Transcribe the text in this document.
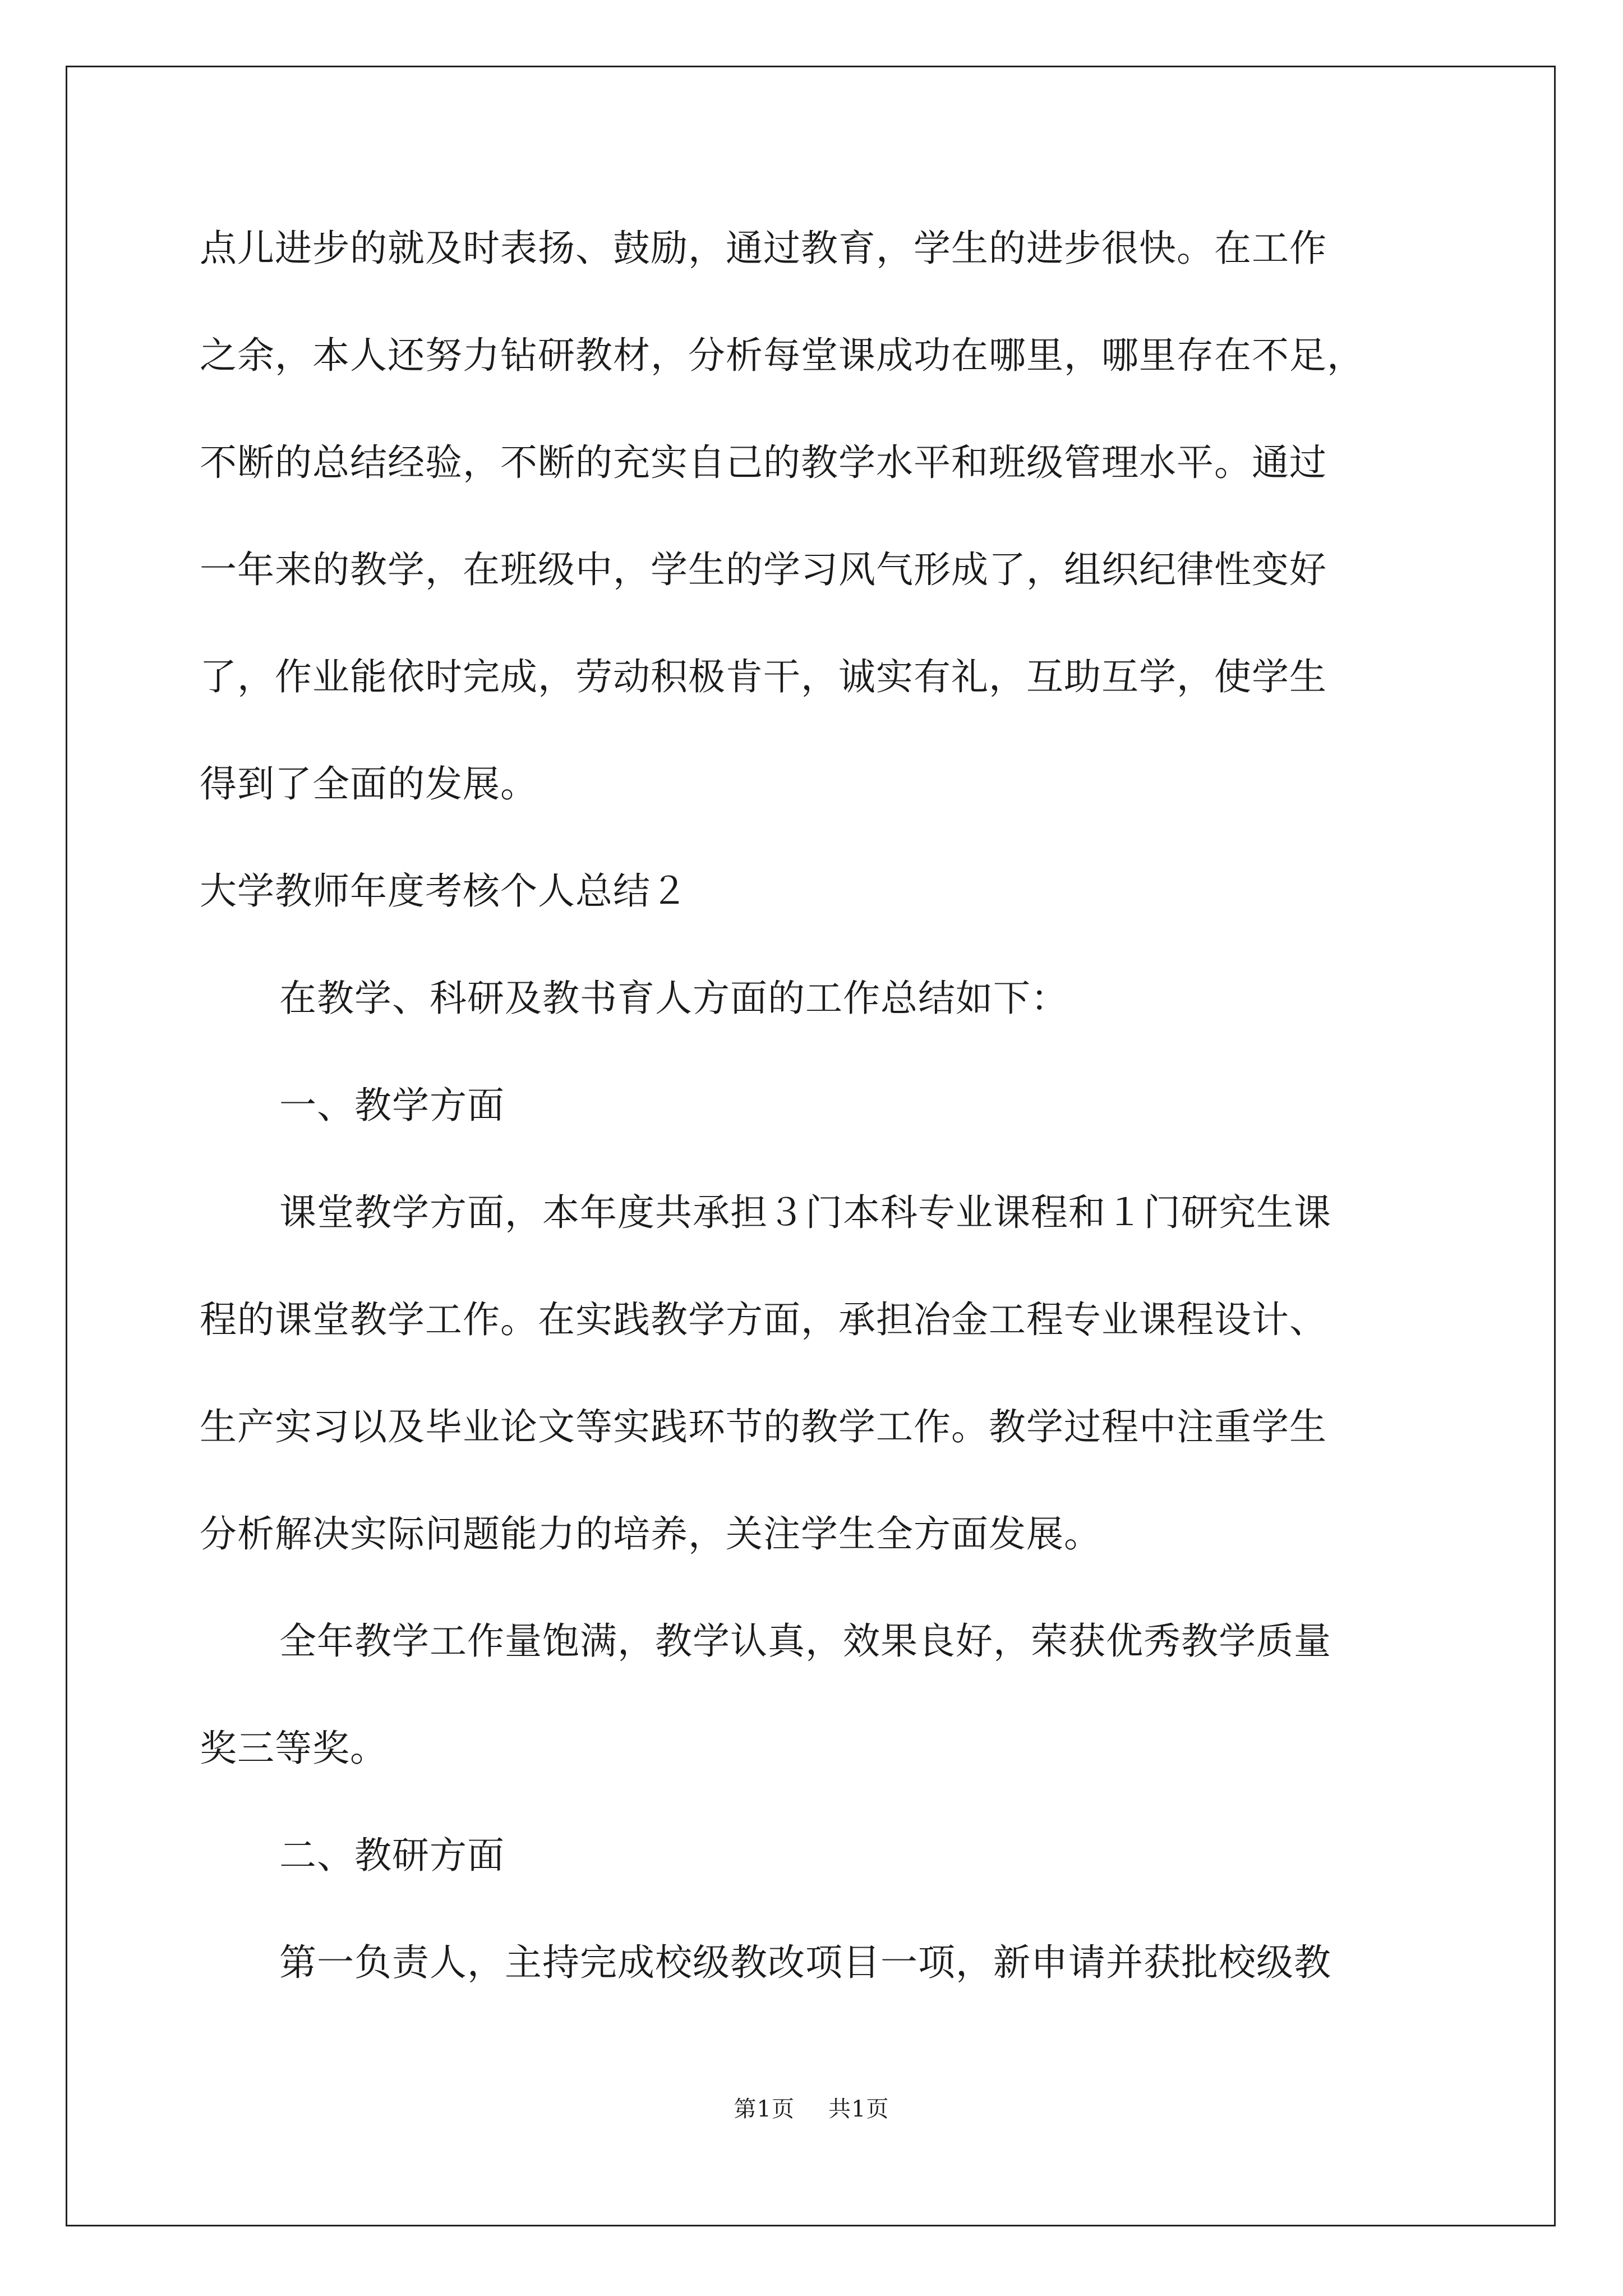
点儿进步的就及时表扬、鼓励，通过教育，学生的进步很快。在工作
之余，本人还努力钻研教材，分析每堂课成功在哪里，哪里存在不足，
不断的总结经验，不断的充实自己的教学水平和班级管理水平。通过
一年来的教学，在班级中，学生的学习风气形成了，组织纪律性变好
了，作业能依时完成，劳动积极肯干，诚实有礼，互助互学，使学生
得到了全面的发展。
大学教师年度考核个人总结２
在教学、科研及教书育人方面的工作总结如下：
一、教学方面
课堂教学方面，本年度共承担３门本科专业课程和１门研究生课
程的课堂教学工作。在实践教学方面，承担冶金工程专业课程设计、
生产实习以及毕业论文等实践环节的教学工作。教学过程中注重学生
分析解决实际问题能力的培养，关注学生全方面发展。
全年教学工作量饱满，教学认真，效果良好，荣获优秀教学质量
奖三等奖。
二、教研方面
第一负责人，主持完成校级教改项目一项，新申请并获批校级教
第1页 共1页
